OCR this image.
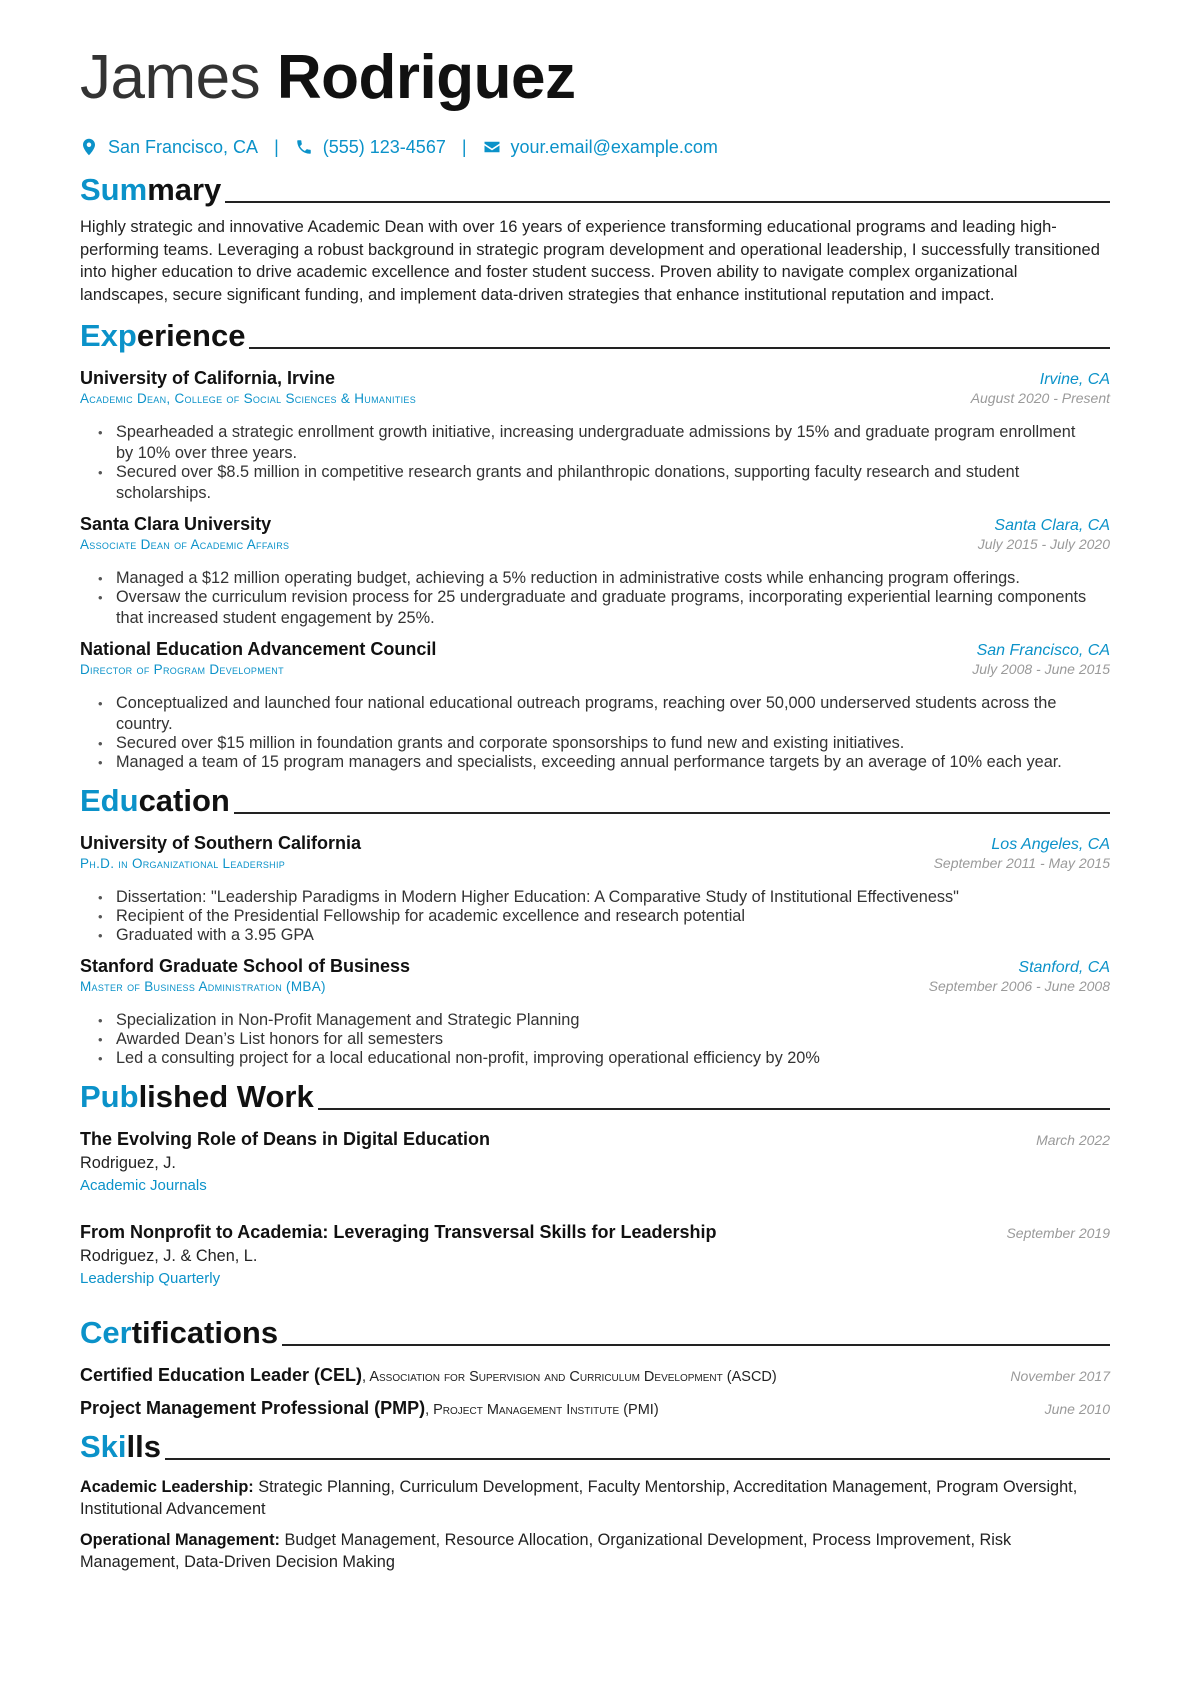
James Rodriguez
San Francisco, CA | (555) 123-4567 | your.email@example.com
Summary
Highly strategic and innovative Academic Dean with over 16 years of experience transforming educational programs and leading high-performing teams. Leveraging a robust background in strategic program development and operational leadership, I successfully transitioned into higher education to drive academic excellence and foster student success. Proven ability to navigate complex organizational landscapes, secure significant funding, and implement data-driven strategies that enhance institutional reputation and impact.
Experience
University of California, Irvine	Irvine, CA
Academic Dean, College of Social Sciences & Humanities	August 2020 - Present
• Spearheaded a strategic enrollment growth initiative, increasing undergraduate admissions by 15% and graduate program enrollment by 10% over three years.
• Secured over $8.5 million in competitive research grants and philanthropic donations, supporting faculty research and student scholarships.
Santa Clara University	Santa Clara, CA
Associate Dean of Academic Affairs	July 2015 - July 2020
• Managed a $12 million operating budget, achieving a 5% reduction in administrative costs while enhancing program offerings.
• Oversaw the curriculum revision process for 25 undergraduate and graduate programs, incorporating experiential learning components that increased student engagement by 25%.
National Education Advancement Council	San Francisco, CA
Director of Program Development	July 2008 - June 2015
• Conceptualized and launched four national educational outreach programs, reaching over 50,000 underserved students across the country.
• Secured over $15 million in foundation grants and corporate sponsorships to fund new and existing initiatives.
• Managed a team of 15 program managers and specialists, exceeding annual performance targets by an average of 10% each year.
Education
University of Southern California	Los Angeles, CA
Ph.D. in Organizational Leadership	September 2011 - May 2015
• Dissertation: "Leadership Paradigms in Modern Higher Education: A Comparative Study of Institutional Effectiveness"
• Recipient of the Presidential Fellowship for academic excellence and research potential
• Graduated with a 3.95 GPA
Stanford Graduate School of Business	Stanford, CA
Master of Business Administration (MBA)	September 2006 - June 2008
• Specialization in Non-Profit Management and Strategic Planning
• Awarded Dean’s List honors for all semesters
• Led a consulting project for a local educational non-profit, improving operational efficiency by 20%
Published Work
The Evolving Role of Deans in Digital Education	March 2022
Rodriguez, J.
Academic Journals
From Nonprofit to Academia: Leveraging Transversal Skills for Leadership	September 2019
Rodriguez, J. & Chen, L.
Leadership Quarterly
Certifications
Certified Education Leader (CEL), Association for Supervision and Curriculum Development (ASCD)	November 2017
Project Management Professional (PMP), Project Management Institute (PMI)	June 2010
Skills
Academic Leadership: Strategic Planning, Curriculum Development, Faculty Mentorship, Accreditation Management, Program Oversight, Institutional Advancement
Operational Management: Budget Management, Resource Allocation, Organizational Development, Process Improvement, Risk Management, Data-Driven Decision Making
